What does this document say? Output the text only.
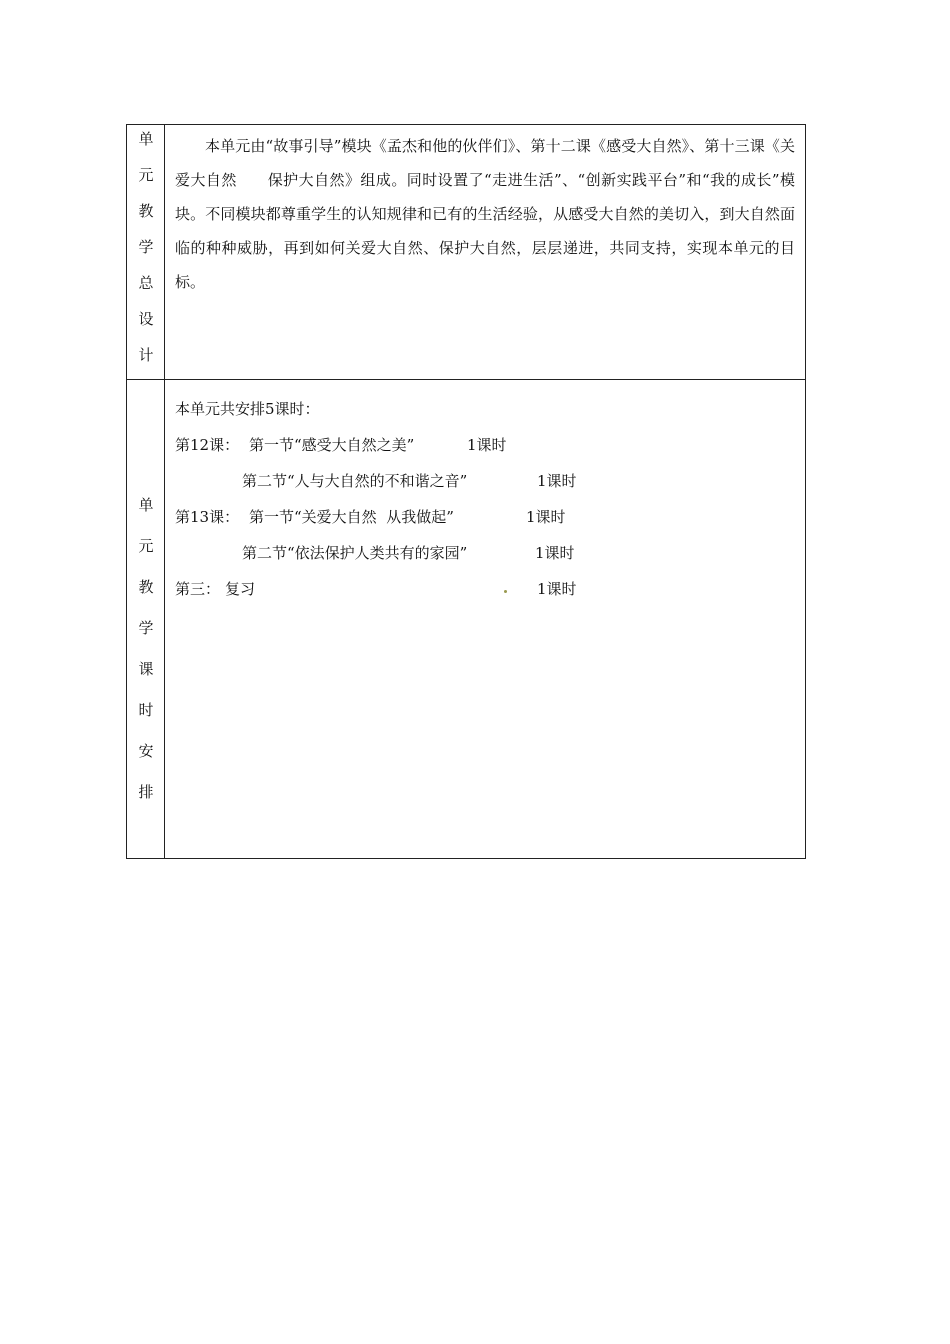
单
元
教
学
总
设
计

本单元由“故事引导”模块《孟杰和他的伙伴们》、第十二课《感受大自然》、第十三课《关爱大自然　　保护大自然》组成。同时设置了“走进生活”、“创新实践平台”和“我的成长”模块。不同模块都尊重学生的认知规律和已有的生活经验，从感受大自然的美切入，到大自然面临的种种威胁，再到如何关爱大自然、保护大自然，层层递进，共同支持，实现本单元的目标。

单
元
教
学
课
时
安
排
本单元共安排5课时：
第12课： 第一节“感受大自然之美”	1课时
第二节“人与大自然的不和谐之音”	1课时
第13课： 第一节“关爱大自然  从我做起”	1课时
第二节“依法保护人类共有的家园”	1课时
第三： 复习	1课时
